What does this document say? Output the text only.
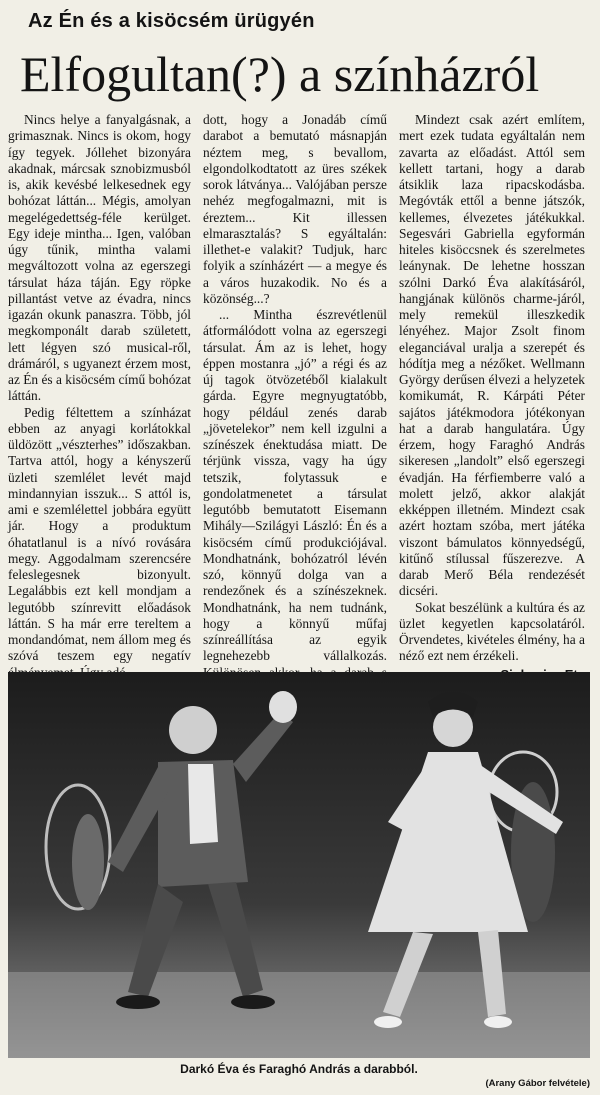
Az Én és a kisöcsém ürügyén
Elfogultan(?) a színházról

Nincs helye a fanyalgásnak, a grimasznak. Nincs is okom, hogy így tegyek. Jóllehet bizonyára akadnak, márcsak sznobizmusból is, akik kevésbé lelkesednek egy bohózat láttán... Mégis, amolyan megelégedettség-féle kerülget. Egy ideje mintha... Igen, valóban úgy tűnik, mintha valami megváltozott volna az egerszegi társulat háza táján. Egy röpke pillantást vetve az évadra, nincs igazán okunk panaszra. Több, jól megkomponált darab született, lett légyen szó musical-ről, drámáról, s ugyanezt érzem most, az Én és a kisöcsém című bohózat láttán.

Pedig féltettem a színházat ebben az anyagi korlátokkal üldözött „vészterhes” időszakban. Tartva attól, hogy a kényszerű üzleti szemlélet levét majd mindannyian isszuk... S attól is, ami e szemlélettel jobbára együtt jár. Hogy a produktum óhatatlanul is a nívó rovására megy. Aggodalmam szerencsére feleslegesnek bizonyult. Legalábbis ezt kell mondjam a legutóbb színrevitt előadások láttán. S ha már erre tereltem a mondandómat, nem állom meg és szóvá teszem egy negatív

dott, hogy a Jonadáb című darabot a bemutató másnapján néztem meg, s bevallom, elgondolkodtatott az üres székek sorok látványa... Valójában persze nehéz megfogalmazni, mit is éreztem... Kit illessen elmarasztalás? S egyáltalán: illethet-e valakit? Tudjuk, harc folyik a színházért — a megye és a város huzakodik. No és a közönség...?

... Mintha észrevétlenül átformálódott volna az egerszegi társulat. Ám az is lehet, hogy éppen mostanra „jó” a régi és az új tagok ötvözetéből kialakult gárda. Egyre megnyugtatóbb, hogy például zenés darab „jövetelekor” nem kell izgulni a színészek énektudása miatt. De térjünk vissza, vagy ha úgy tetszik, folytassuk e gondolatmenetet a társulat legutóbb bemutatott Eisemann Mihály—Szilágyi László: Én és a kisöcsém című produkciójával. Mondhatnánk, bohózatról lévén szó, könnyű dolga van a rendezőnek és a színészeknek. Mondhatnánk, ha nem tudnánk, hogy a könnyű műfaj színreállítása az egyik legnehezebb vállalkozás.

Mindezt csak azért említem, mert ezek tudata egyáltalán nem zavarta az előadást. Attól sem kellett tartani, hogy a darab átsiklik laza ripacskodásba. Megóvták ettől a benne játszók, kellemes, élvezetes játékukkal. Segesvári Gabriella egyformán hiteles kisöccsnek és szerelmetes leánynak. De lehetne hosszan szólni Darkó Éva alakításáról, hangjának különös charme-járól, mely remekül illeszkedik lényéhez. Major Zsolt finom eleganciával uralja a szerepét és hódítja meg a nézőket. Wellmann György derűsen élvezi a helyzetek komikumát, R. Kárpáti Péter sajátos játékmodora jótékonyan hat a darab hangulatára. Úgy érzem, hogy Faraghó András sikeresen „landolt” első egerszegi évadján. Ha férfiemberre való a molett jelző, akkor alakját ekképpen illetném. Mindezt csak azért hoztam szóba, mert játéka viszont bámulatos könnyedségű, kitűnő stílussal fűszerezve. A darab Merő Béla rendezését dicséri.

Sokat beszélünk a kultúra és az üzlet kegyetlen kapcsolatáról. Örvendetes, kivételes élmény, ha a néző ezt nem érzékeli.

Darkó Éva és Faraghó András a darabból.
(Arany Gábor felvétele)
